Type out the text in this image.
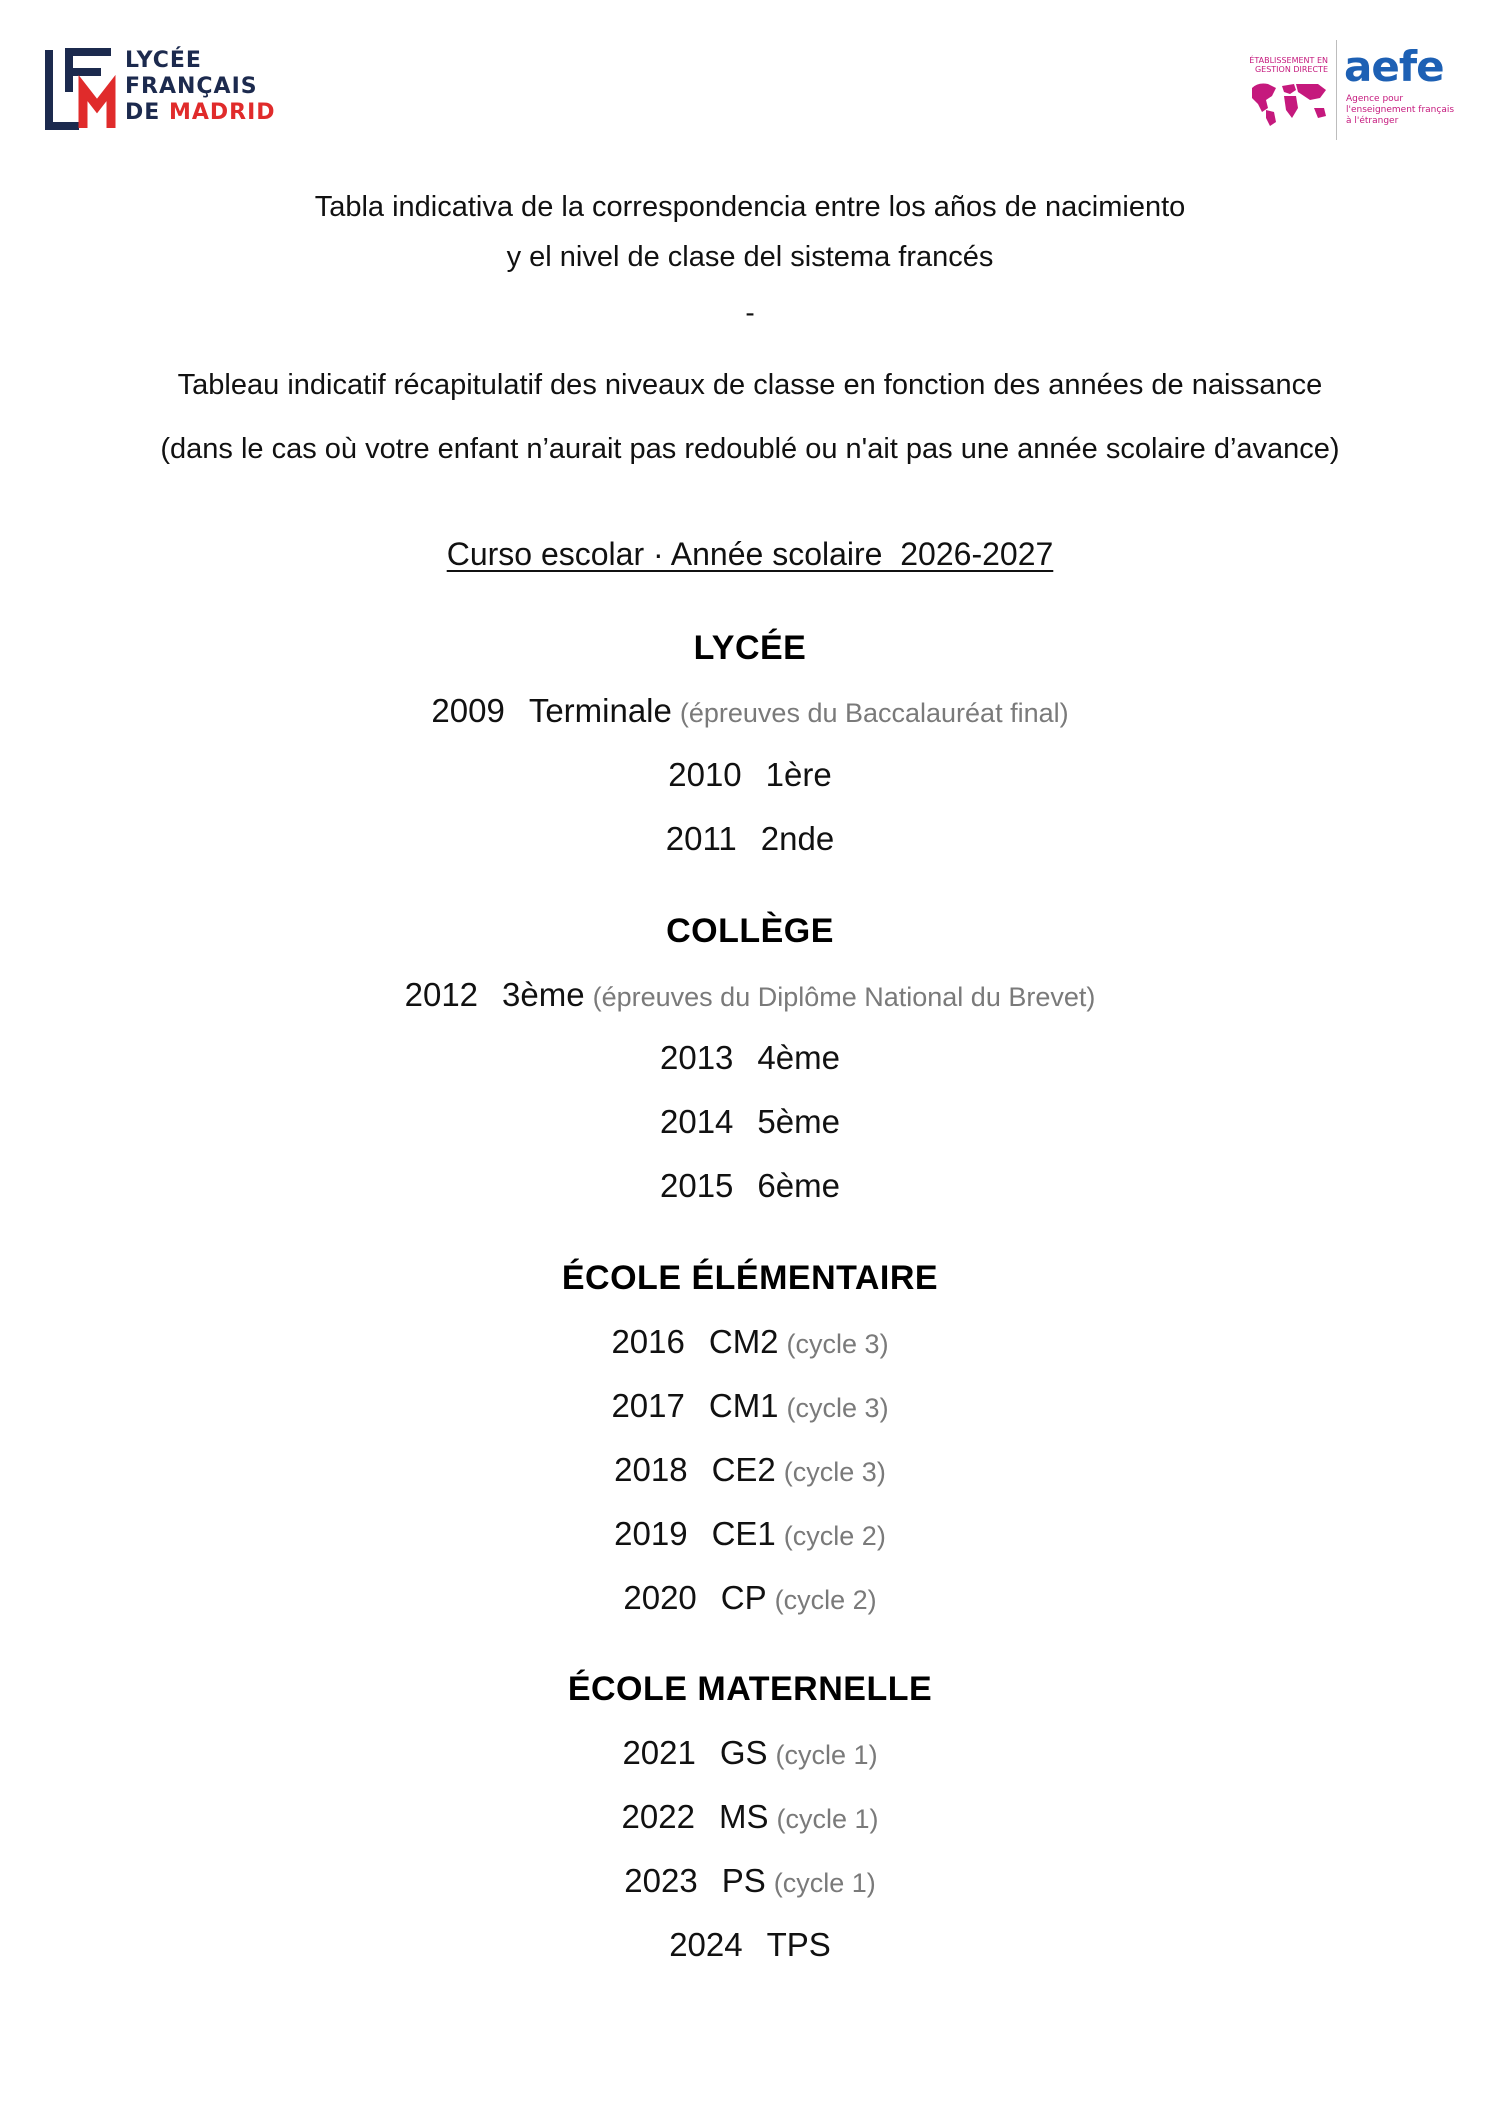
LYCÉE
FRANÇAIS
DE MADRID
ÉTABLISSEMENT EN GESTION DIRECTE aefe
Agence pour l'enseignement français à l'étranger
Tabla indicativa de la correspondencia entre los años de nacimiento
y el nivel de clase del sistema francés
-
Tableau indicatif récapitulatif des niveaux de classe en fonction des années de naissance
(dans le cas où votre enfant n’aurait pas redoublé ou n'ait pas une année scolaire d’avance)
Curso escolar · Année scolaire  2026-2027
LYCÉE
2009 Terminale (épreuves du Baccalauréat final)
2010 1ère
2011 2nde
COLLÈGE
2012 3ème (épreuves du Diplôme National du Brevet)
2013 4ème
2014 5ème
2015 6ème
ÉCOLE ÉLÉMENTAIRE
2016 CM2 (cycle 3)
2017 CM1 (cycle 3)
2018 CE2 (cycle 3)
2019 CE1 (cycle 2)
2020 CP (cycle 2)
ÉCOLE MATERNELLE
2021 GS (cycle 1)
2022 MS (cycle 1)
2023 PS (cycle 1)
2024 TPS
